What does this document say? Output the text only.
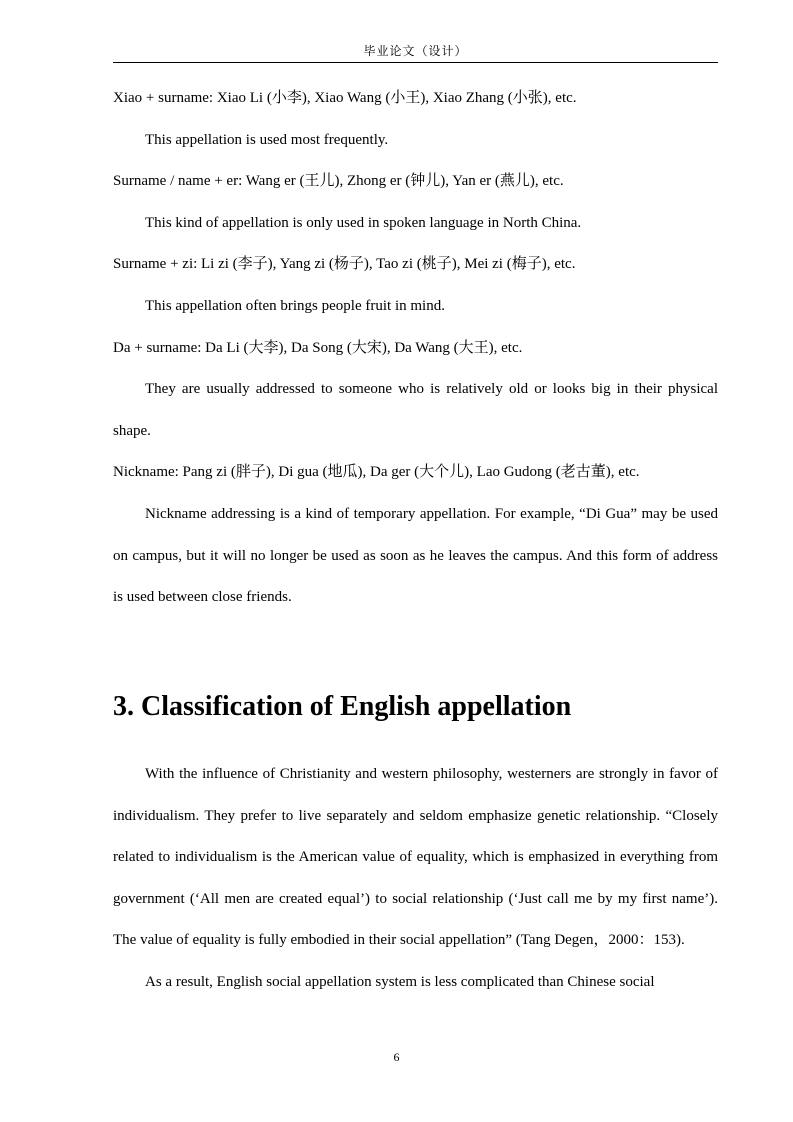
毕业论文（设计）

Xiao + surname: Xiao Li (小李), Xiao Wang (小王), Xiao Zhang (小张), etc.

This appellation is used most frequently.

Surname / name + er: Wang er (王儿), Zhong er (钟儿), Yan er (燕儿), etc.

This kind of appellation is only used in spoken language in North China.

Surname + zi: Li zi (李子), Yang zi (杨子), Tao zi (桃子), Mei zi (梅子), etc.

This appellation often brings people fruit in mind.

Da + surname: Da Li (大李), Da Song (大宋), Da Wang (大王), etc.

They are usually addressed to someone who is relatively old or looks big in their physical shape.

Nickname: Pang zi (胖子), Di gua (地瓜), Da ger (大个儿), Lao Gudong (老古董), etc.

Nickname addressing is a kind of temporary appellation. For example, “Di Gua” may be used on campus, but it will no longer be used as soon as he leaves the campus. And this form of address is used between close friends.

3. Classification of English appellation

With the influence of Christianity and western philosophy, westerners are strongly in favor of individualism. They prefer to live separately and seldom emphasize genetic relationship. “Closely related to individualism is the American value of equality, which is emphasized in everything from government (‘All men are created equal’) to social relationship (‘Just call me by my first name’). The value of equality is fully embodied in their social appellation” (Tang Degen，2000：153).

As a result, English social appellation system is less complicated than Chinese social

6
